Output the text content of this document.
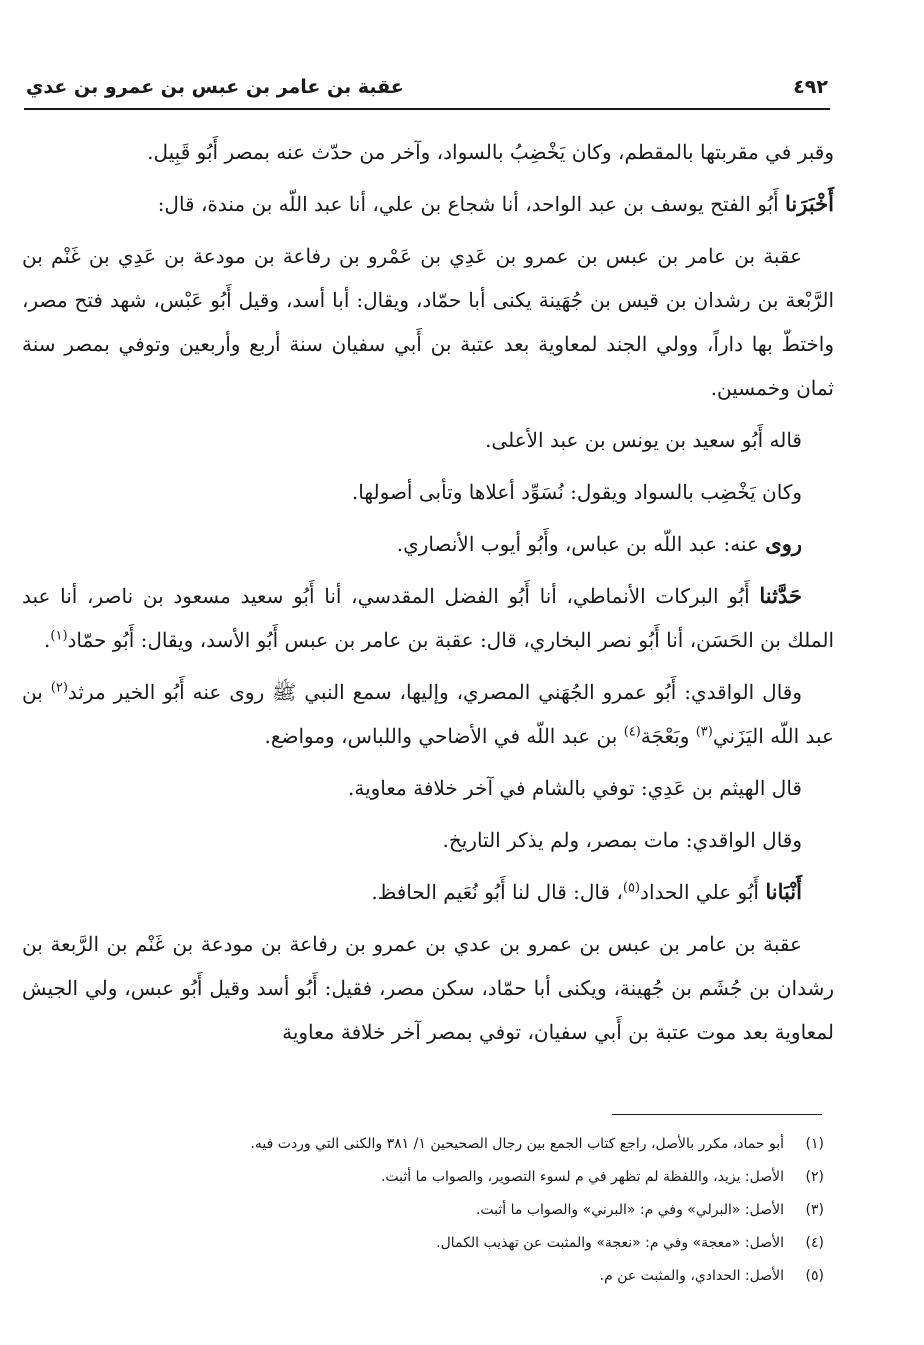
٤٩٢
عقبة بن عامر بن عبس بن عمرو بن عدي

وقبر في مقربتها بالمقطم، وكان يَخْضِبُ بالسواد، وآخر من حدّث عنه بمصر أَبُو قَبِيل.

أَخْبَرَنا أَبُو الفتح يوسف بن عبد الواحد، أنا شجاع بن علي، أنا عبد اللّه بن مندة، قال:

عقبة بن عامر بن عبس بن عمرو بن عَدِي بن عَمْرو بن رفاعة بن مودعة بن عَدِي بن غَنْم بن الرَّبْعة بن رشدان بن قيس بن جُهَينة يكنى أبا حمّاد، ويقال: أبا أسد، وقيل أَبُو عَبْس، شهد فتح مصر، واختطّ بها داراً، وولي الجند لمعاوية بعد عتبة بن أَبي سفيان سنة أربع وأربعين وتوفي بمصر سنة ثمان وخمسين.

قاله أَبُو سعيد بن يونس بن عبد الأعلى.

وكان يَخْضِب بالسواد ويقول: نُسَوِّد أعلاها وتأبى أصولها.

روى عنه: عبد اللّه بن عباس، وأَبُو أيوب الأنصاري.

حَدَّثنا أَبُو البركات الأنماطي، أنا أَبُو الفضل المقدسي، أنا أَبُو سعيد مسعود بن ناصر، أنا عبد الملك بن الحَسَن، أنا أَبُو نصر البخاري، قال: عقبة بن عامر بن عبس أَبُو الأسد، ويقال: أَبُو حمّاد$^{(١)}$.

وقال الواقدي: أَبُو عمرو الجُهَني المصري، وإليها، سمع النبي ﷺ روى عنه أَبُو الخير مرثد$^{(٢)}$ بن عبد اللّه اليَزَني$^{(٣)}$ وبَعْجَة$^{(٤)}$ بن عبد اللّه في الأضاحي واللباس، ومواضع.

قال الهيثم بن عَدِي: توفي بالشام في آخر خلافة معاوية.

وقال الواقدي: مات بمصر، ولم يذكر التاريخ.

أَنْبَانا أَبُو علي الحداد$^{(٥)}$، قال: قال لنا أَبُو نُعَيم الحافظ.

عقبة بن عامر بن عبس بن عمرو بن عدي بن عمرو بن رفاعة بن مودعة بن غَنْم بن الرَّبعة بن رشدان بن جُشَم بن جُهينة، ويكنى أبا حمّاد، سكن مصر، فقيل: أَبُو أسد وقيل أَبُو عبس، ولي الجيش لمعاوية بعد موت عتبة بن أَبي سفيان، توفي بمصر آخر خلافة معاوية

(١)أبو حماد، مكرر بالأصل، راجع كتاب الجمع بين رجال الصحيحين ١/ ٣٨١ والكنى التي وردت فيه.
(٢)الأصل: يزيد، واللفظة لم تظهر في م لسوء التصوير، والصواب ما أثبت.
(٣)الأصل: «البرلي» وفي م: «البرني» والصواب ما أثبت.
(٤)الأصل: «معجة» وفي م: «نعجة» والمثبت عن تهذيب الكمال.
(٥)الأصل: الحدادي، والمثبت عن م.
